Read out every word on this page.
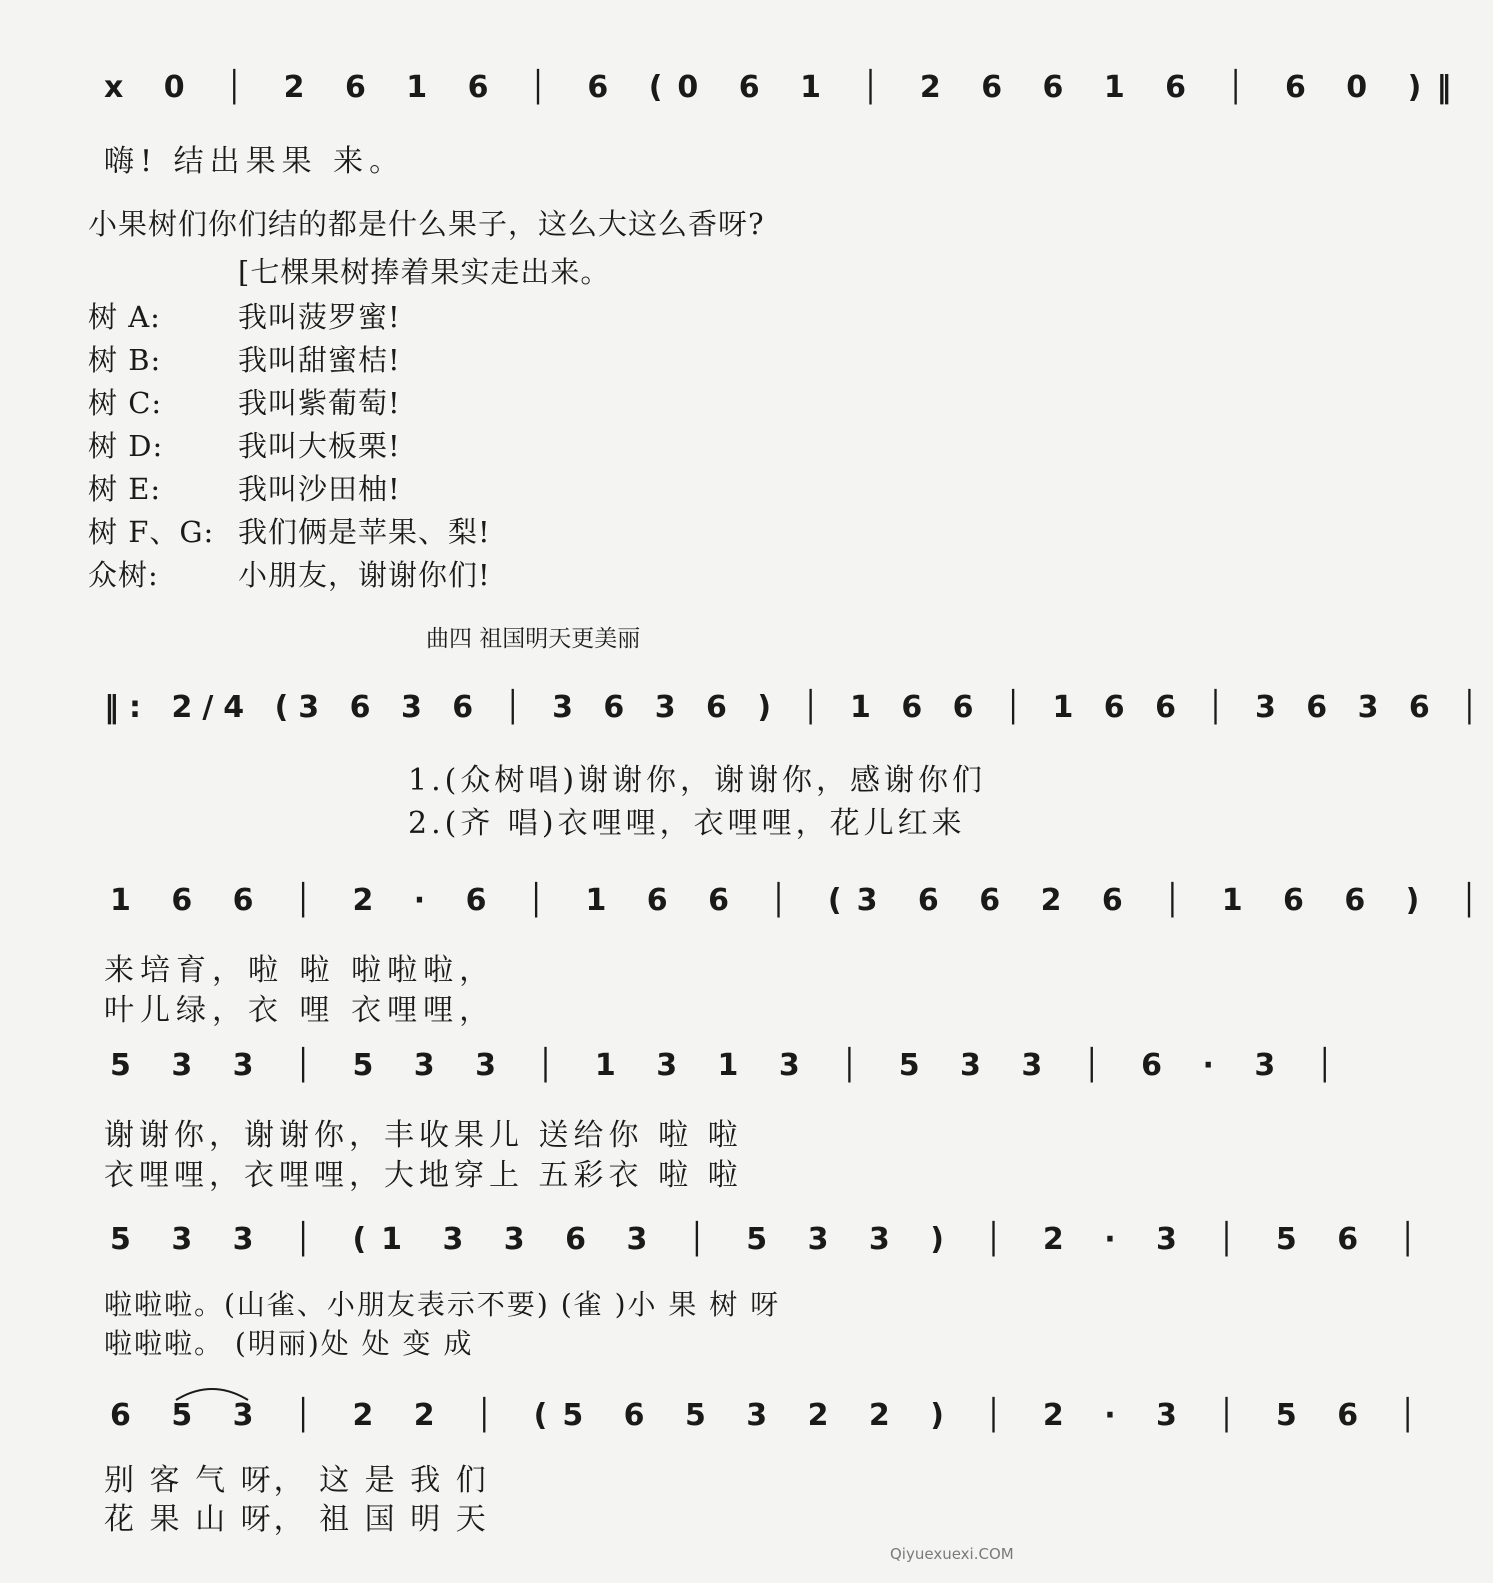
x 0 │ 2 6 1 6 │ 6 (0 6 1 │ 2 6 6 1 6 │ 6 0 )‖
嗨! 结出果果 来。
小果树们你们结的都是什么果子，这么大这么香呀?
[七棵果树捧着果实走出来。
树 A:	我叫菠罗蜜!
树 B:	我叫甜蜜桔!
树 C:	我叫紫葡萄!
树 D:	我叫大板栗!
树 E:	我叫沙田柚!
树 F、G: 我们俩是苹果、梨!
众树:	小朋友，谢谢你们!
曲四 祖国明天更美丽
‖: 2/4 (3 6 3 6 │ 3 6 3 6 ) │ 1 6 6 │ 1 6 6 │ 3 6 3 6 │
1.(众树唱)谢谢你，谢谢你，感谢你们
2.(齐 唱)衣哩哩，衣哩哩，花儿红来
1 6 6 │ 2 · 6 │ 1 6 6 │ (3 6 6 2 6 │ 1 6 6 ) │
来培育，啦 啦 啦啦啦，
叶儿绿，衣 哩 衣哩哩，
5 3 3 │ 5 3 3 │ 1 3 1 3 │ 5 3 3 │ 6 · 3 │
谢谢你，谢谢你，丰收果儿 送给你 啦 啦
衣哩哩，衣哩哩，大地穿上 五彩衣 啦 啦
5 3 3 │ (1 3 3 6 3 │ 5 3 3 ) │ 2 · 3 │ 5 6 │
啦啦啦。(山雀、小朋友表示不要) (雀 )小 果 树 呀
啦啦啦。 (明丽)处 处 变 成
6 5 3 │ 2 2 │ (5 6 5 3 2 2 ) │ 2 · 3 │ 5 6 │
别 客 气 呀， 这 是 我 们
花 果 山 呀， 祖 国 明 天
Qiyuexuexi.COM
